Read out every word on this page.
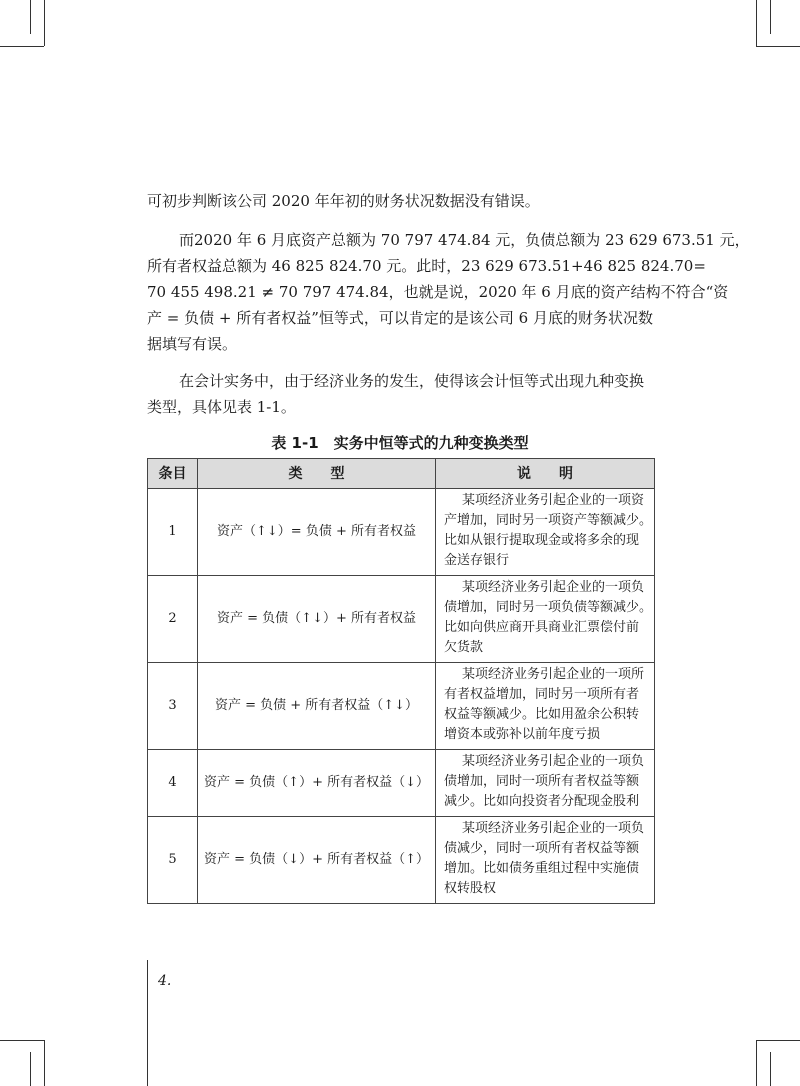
可初步判断该公司 2020 年年初的财务状况数据没有错误。

而2020 年 6 月底资产总额为 70 797 474.84 元，负债总额为 23 629 673.51 元，
所有者权益总额为 46 825 824.70 元。此时，23 629 673.51+46 825 824.70=
70 455 498.21 ≠ 70 797 474.84，也就是说，2020 年 6 月底的资产结构不符合“资
产 = 负债 + 所有者权益”恒等式，可以肯定的是该公司 6 月底的财务状况数
据填写有误。

在会计实务中，由于经济业务的发生，使得该会计恒等式出现九种变换
类型，具体见表 1-1。

表 1-1　实务中恒等式的九种变换类型

条目	类　　型	说　　明
1	资产（↑↓）= 负债 + 所有者权益	某项经济业务引起企业的一项资
产增加，同时另一项资产等额减少。
比如从银行提取现金或将多余的现
金送存银行

2	资产 = 负债（↑↓）+ 所有者权益	某项经济业务引起企业的一项负
债增加，同时另一项负债等额减少。
比如向供应商开具商业汇票偿付前
欠货款

3	资产 = 负债 + 所有者权益（↑↓）	某项经济业务引起企业的一项所
有者权益增加，同时另一项所有者
权益等额减少。比如用盈余公积转
增资本或弥补以前年度亏损

4	资产 = 负债（↑）+ 所有者权益（↓）	某项经济业务引起企业的一项负
债增加，同时一项所有者权益等额
减少。比如向投资者分配现金股利

5	资产 = 负债（↓）+ 所有者权益（↑）	某项经济业务引起企业的一项负
债减少，同时一项所有者权益等额
增加。比如债务重组过程中实施债
权转股权
4.
